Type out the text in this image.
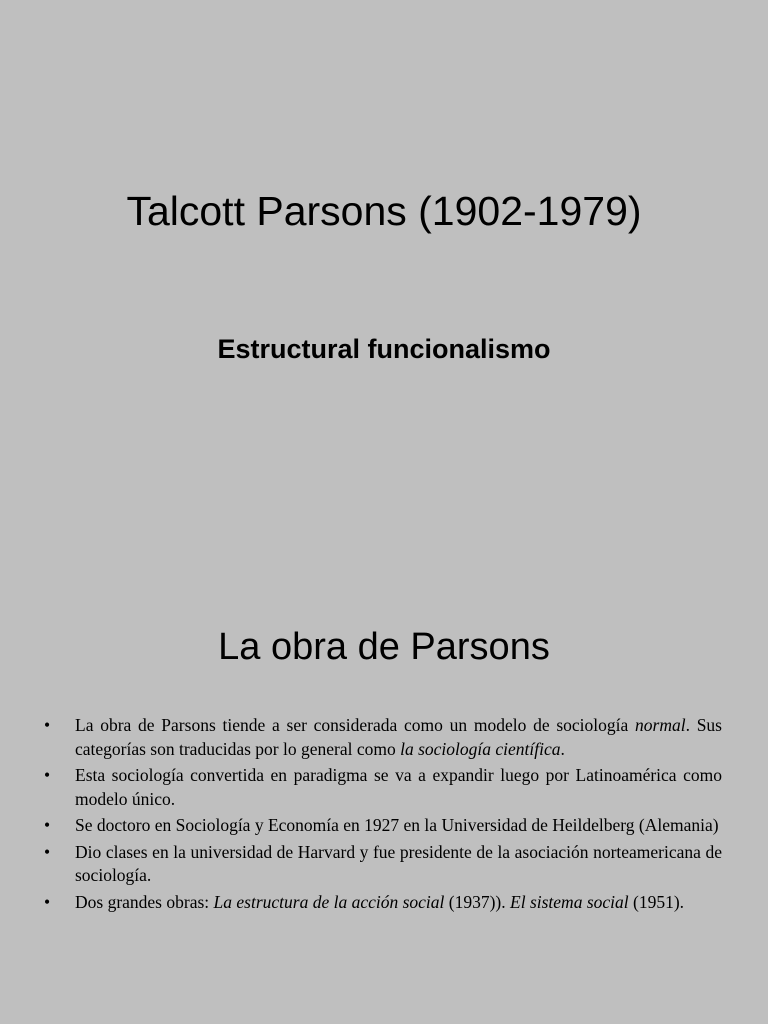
Talcott Parsons (1902-1979)
Estructural funcionalismo
La obra de Parsons
•	La obra de Parsons tiende a ser considerada como un modelo de sociología normal. Sus categorías son traducidas por lo general como la sociología científica.
•	Esta sociología convertida en paradigma se va a expandir luego por Latinoamérica como modelo único.
•	Se doctoro en Sociología y Economía en 1927 en la Universidad de Heildelberg (Alemania)
•	Dio clases en la universidad de Harvard y fue presidente de la asociación norteamericana de sociología.
•	Dos grandes obras: La estructura de la acción social (1937)). El sistema social (1951).
